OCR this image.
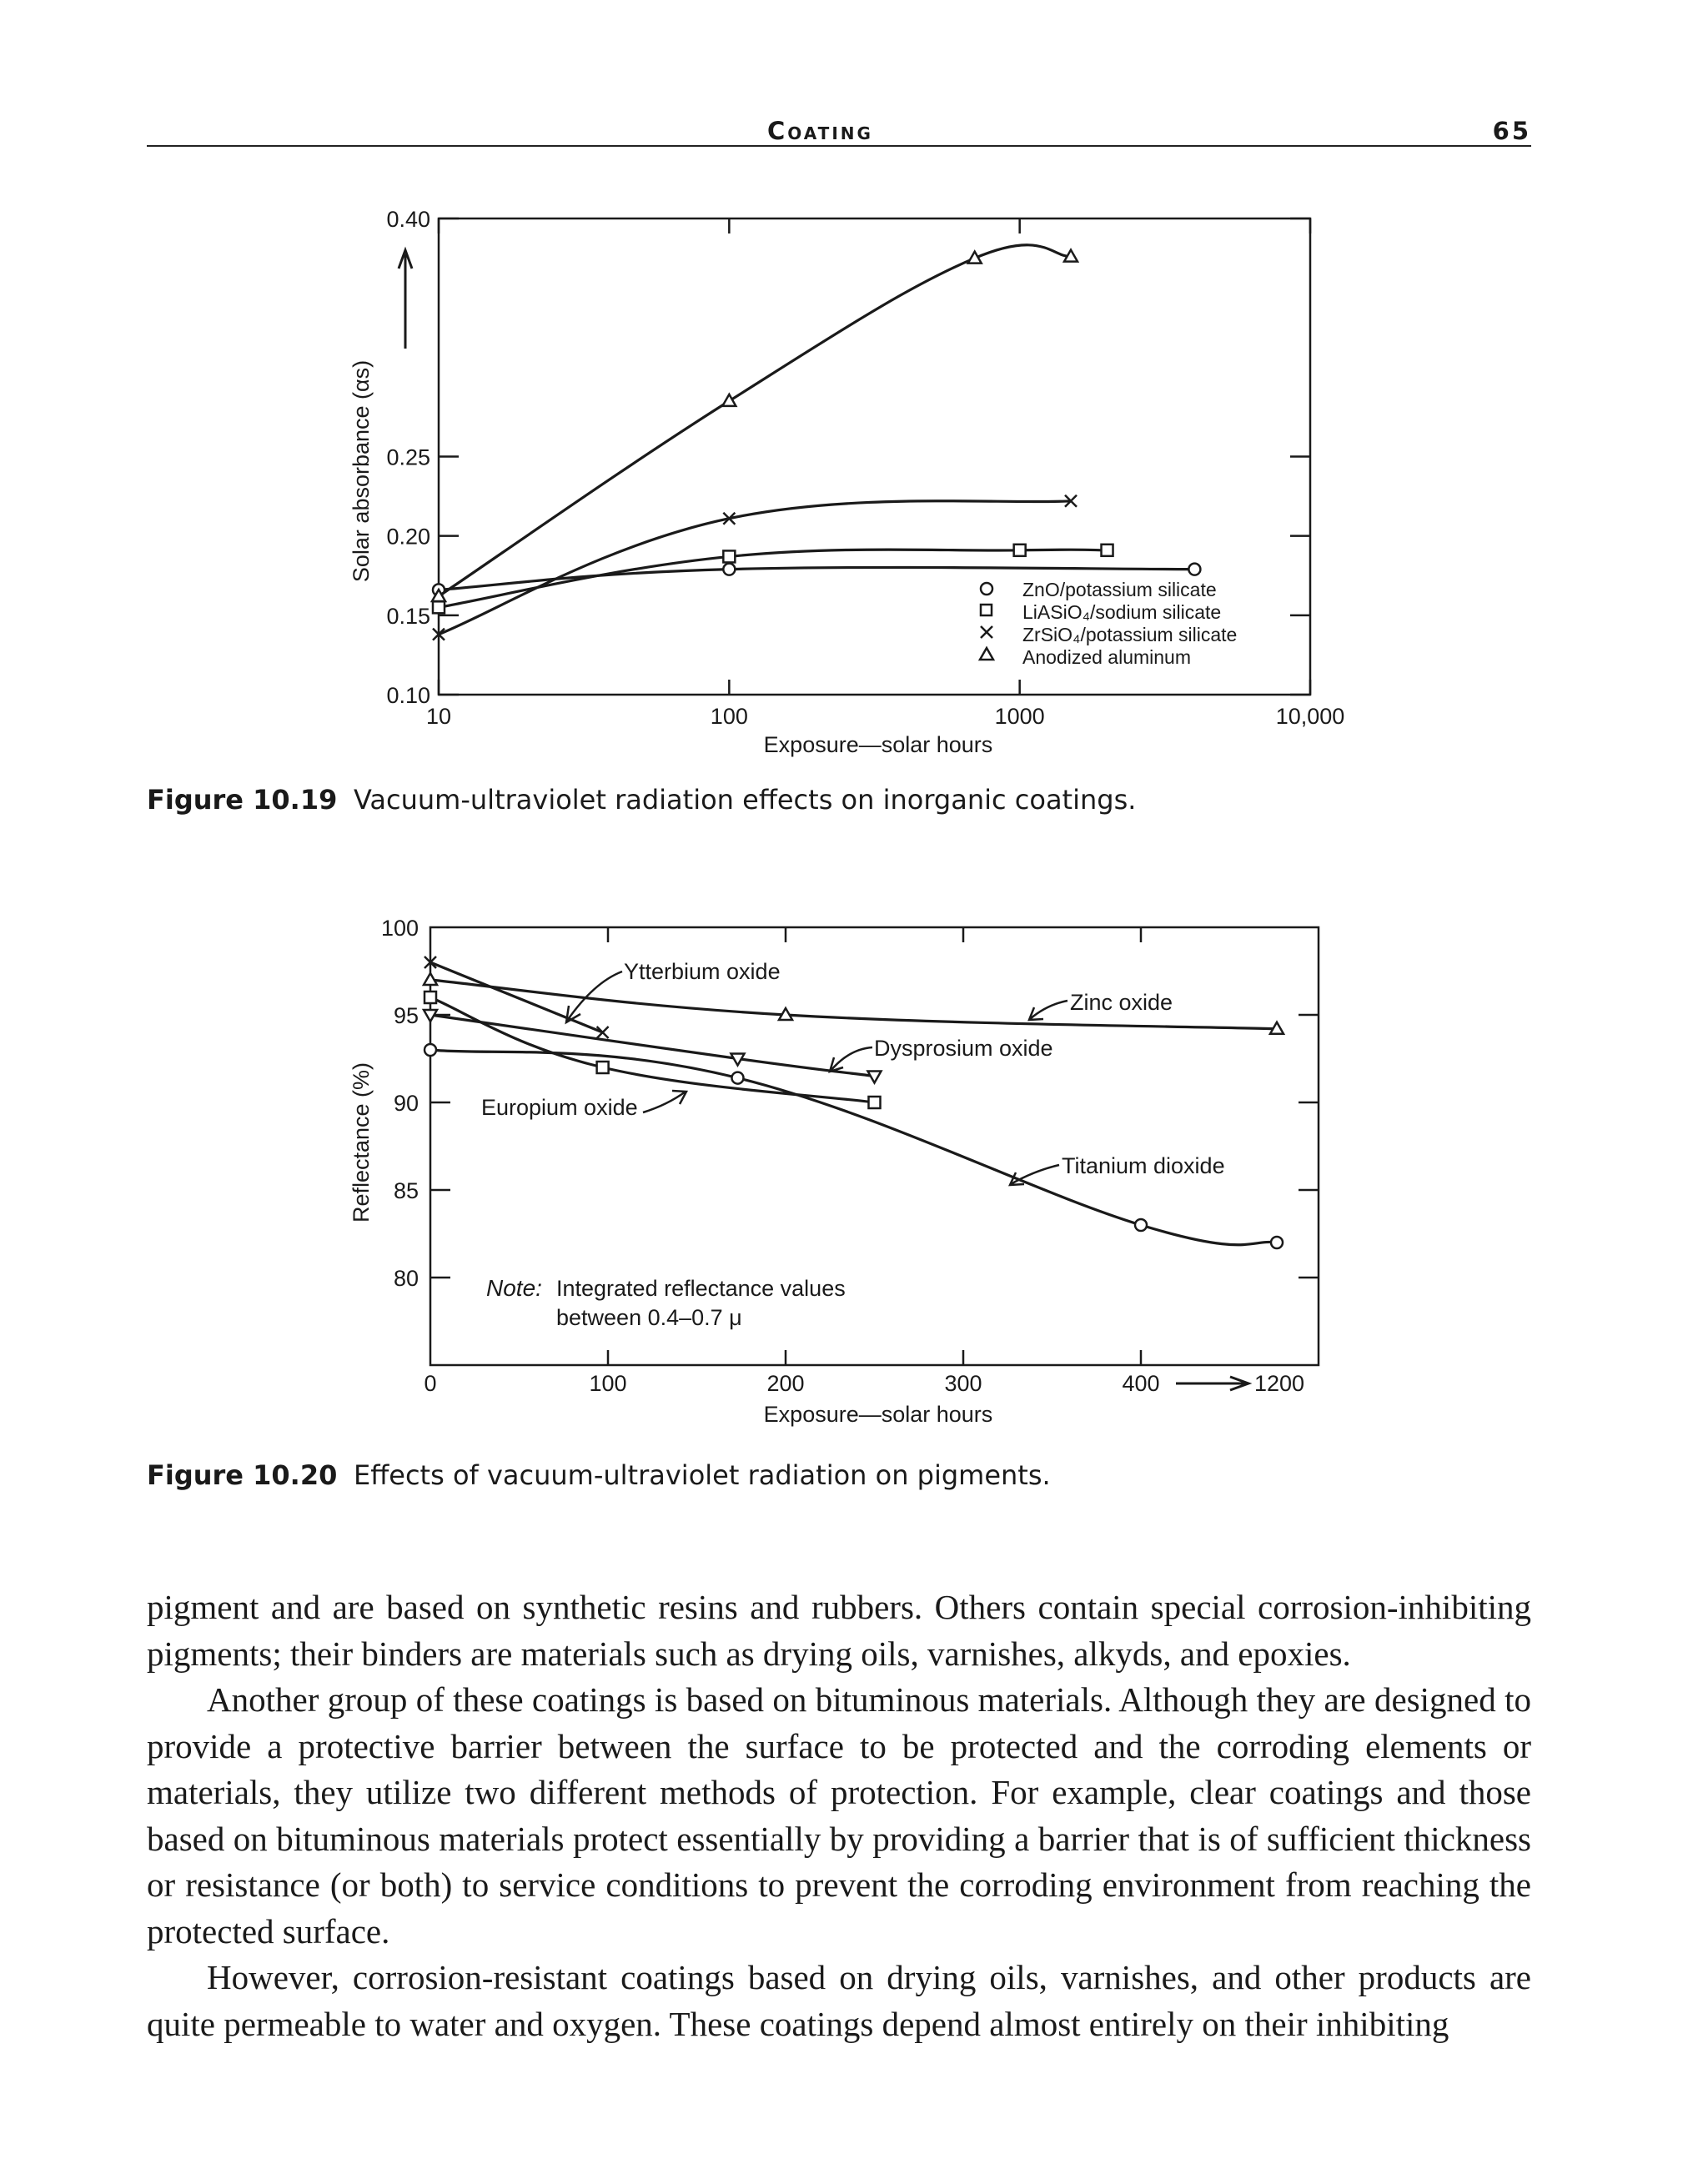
Coating	65
10	100	1000	10,000
0.10
0.15
0.20
0.25
0.40
Exposure—solar hours
Solar absorbance (αs)
ZnO/potassium silicate
LiASiO₄/sodium silicate
ZrSiO₄/potassium silicate
Anodized aluminum
Figure 10.19 Vacuum-ultraviolet radiation effects on inorganic coatings.
0	100	200	300	400
80
85
90
95
100
Exposure—solar hours
Reflectance (%)
1200
Note: Integrated reflectance values
between 0.4–0.7 μ
Ytterbium oxide
Zinc oxide
Dysprosium oxide
Europium oxide
Titanium dioxide
Figure 10.20 Effects of vacuum-ultraviolet radiation on pigments.

pigment and are based on synthetic resins and rubbers. Others contain special corrosion-inhibiting pigments; their binders are materials such as drying oils, varnishes, alkyds, and epoxies.

Another group of these coatings is based on bituminous materials. Although they are designed to provide a protective barrier between the surface to be protected and the corroding elements or materials, they utilize two different methods of protection. For example, clear coatings and those based on bituminous materials protect essentially by providing a barrier that is of sufficient thickness or resistance (or both) to service conditions to prevent the corroding environment from reaching the protected surface.

However, corrosion-resistant coatings based on drying oils, varnishes, and other products are quite permeable to water and oxygen. These coatings depend almost entirely on their inhibiting
